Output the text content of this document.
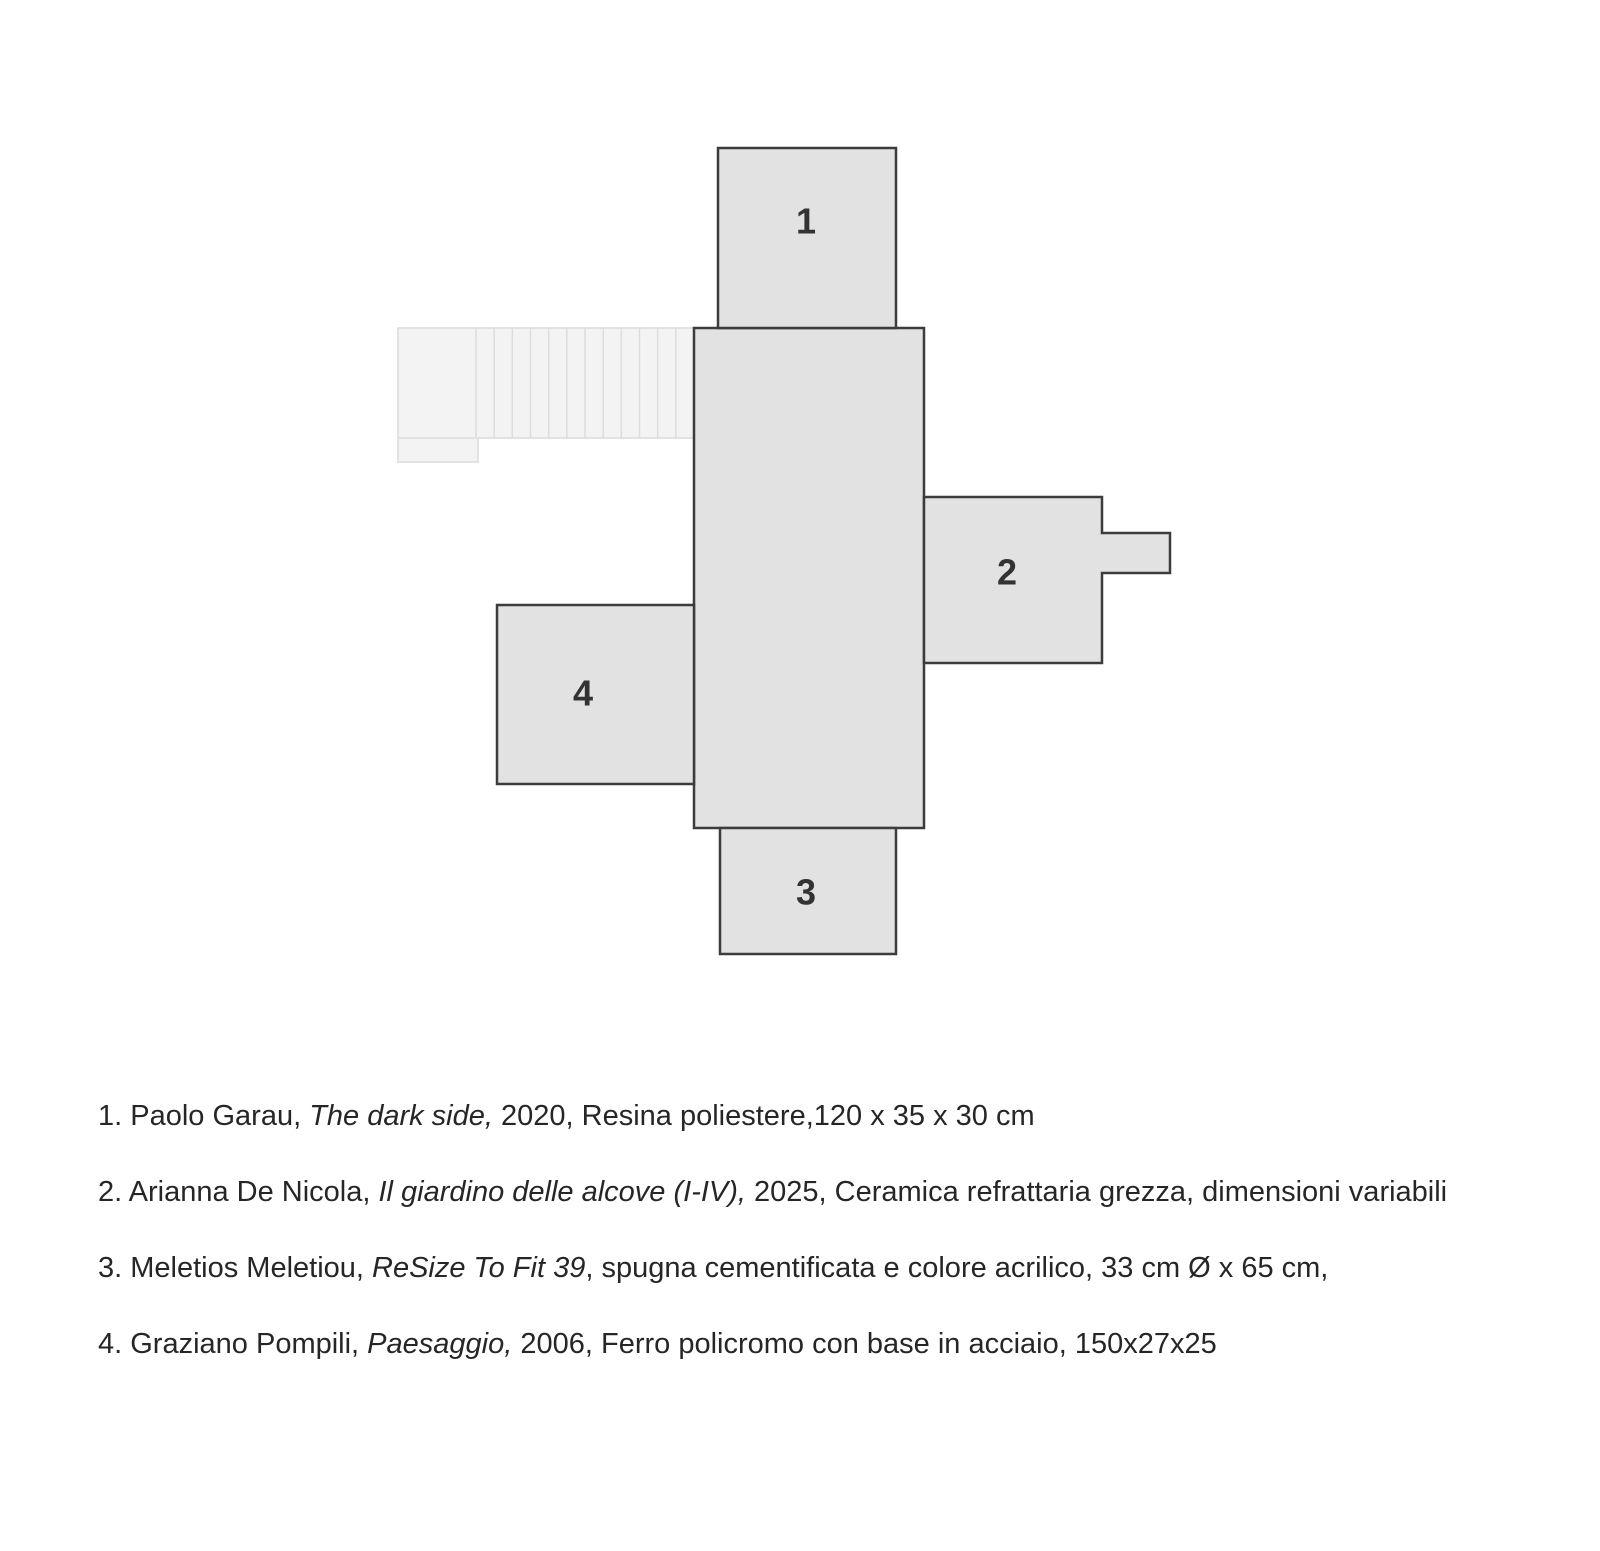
1
2
3
4

1. Paolo Garau, The dark side, 2020, Resina poliestere,120 x 35 x 30 cm

2. Arianna De Nicola, Il giardino delle alcove (I-IV), 2025, Ceramica refrattaria grezza, dimensioni variabili

3. Meletios Meletiou, ReSize To Fit 39, spugna cementificata e colore acrilico, 33 cm Ø x 65 cm,

4. Graziano Pompili, Paesaggio, 2006, Ferro policromo con base in acciaio, 150x27x25
